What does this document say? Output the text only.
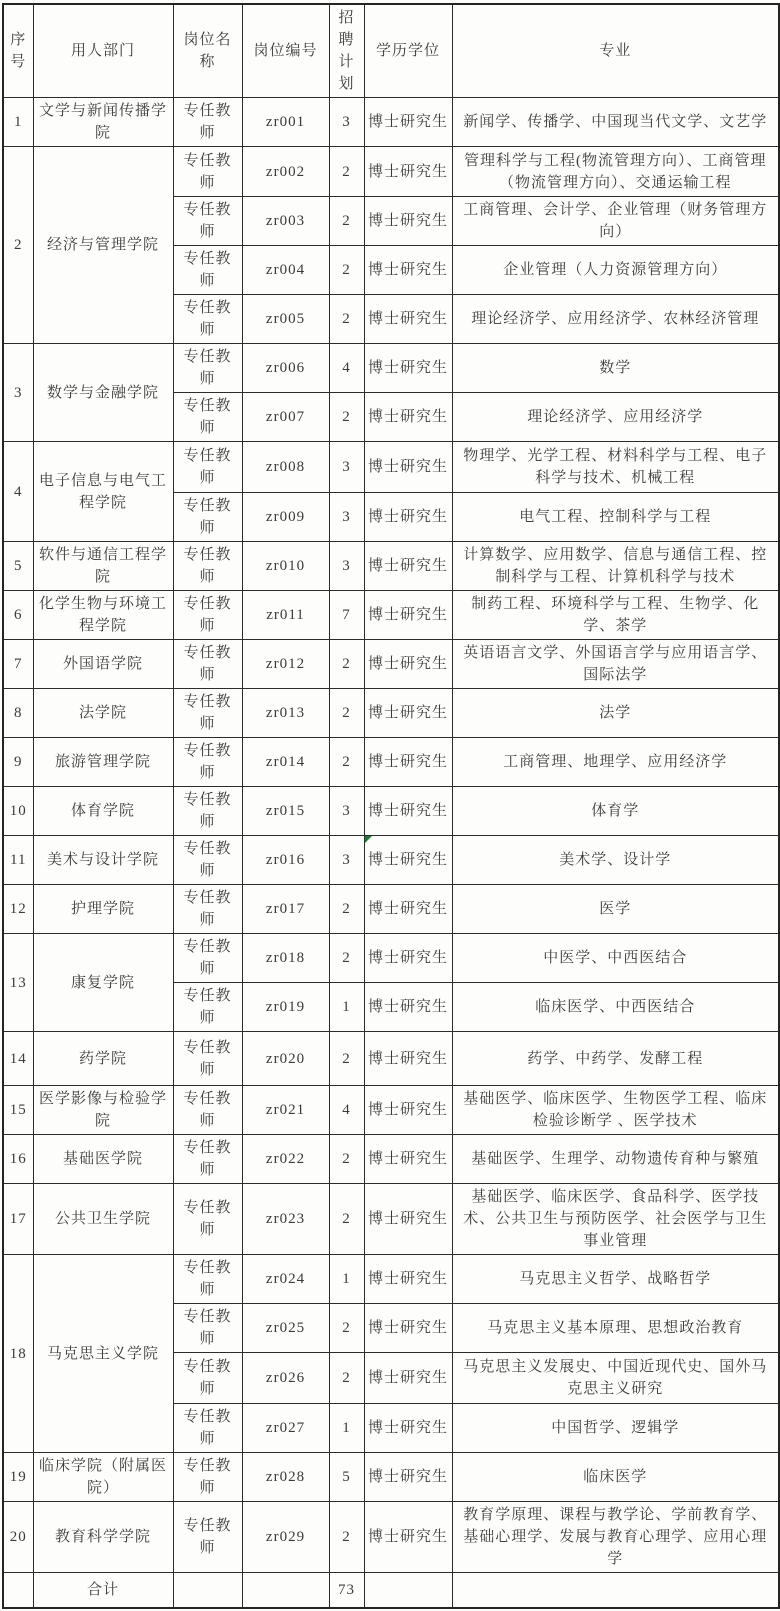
序号	用人部门	岗位名称	岗位编号	招聘计划	学历学位	专业
1	文学与新闻传播学院	专任教师	zr001	3	博士研究生	新闻学、传播学、中国现当代文学、文艺学
2	经济与管理学院	专任教师	zr002	2	博士研究生	管理科学与工程(物流管理方向）、工商管理（物流管理方向）、交通运输工程
		专任教师	zr003	2	博士研究生	工商管理、会计学、企业管理（财务管理方向）
		专任教师	zr004	2	博士研究生	企业管理（人力资源管理方向）
		专任教师	zr005	2	博士研究生	理论经济学、应用经济学、农林经济管理
3	数学与金融学院	专任教师	zr006	4	博士研究生	数学
		专任教师	zr007	2	博士研究生	理论经济学、应用经济学
4	电子信息与电气工程学院	专任教师	zr008	3	博士研究生	物理学、光学工程、材料科学与工程、电子科学与技术、机械工程
		专任教师	zr009	3	博士研究生	电气工程、控制科学与工程
5	软件与通信工程学院	专任教师	zr010	3	博士研究生	计算数学、应用数学、信息与通信工程、控制科学与工程、计算机科学与技术
6	化学生物与环境工程学院	专任教师	zr011	7	博士研究生	制药工程、环境科学与工程、生物学、化学、茶学
7	外国语学院	专任教师	zr012	2	博士研究生	英语语言文学、外国语言学与应用语言学、国际法学
8	法学院	专任教师	zr013	2	博士研究生	法学
9	旅游管理学院	专任教师	zr014	2	博士研究生	工商管理、地理学、应用经济学
10	体育学院	专任教师	zr015	3	博士研究生	体育学
11	美术与设计学院	专任教师	zr016	3	博士研究生	美术学、设计学
12	护理学院	专任教师	zr017	2	博士研究生	医学
13	康复学院	专任教师	zr018	2	博士研究生	中医学、中西医结合
		专任教师	zr019	1	博士研究生	临床医学、中西医结合
14	药学院	专任教师	zr020	2	博士研究生	药学、中药学、发酵工程
15	医学影像与检验学院	专任教师	zr021	4	博士研究生	基础医学、临床医学、生物医学工程、临床检验诊断学 、医学技术
16	基础医学院	专任教师	zr022	2	博士研究生	基础医学、生理学、动物遗传育种与繁殖
17	公共卫生学院	专任教师	zr023	2	博士研究生	基础医学、临床医学、食品科学、医学技术、公共卫生与预防医学、社会医学与卫生事业管理
18	马克思主义学院	专任教师	zr024	1	博士研究生	马克思主义哲学、战略哲学
		专任教师	zr025	2	博士研究生	马克思主义基本原理、思想政治教育
		专任教师	zr026	2	博士研究生	马克思主义发展史、中国近现代史、国外马克思主义研究
		专任教师	zr027	1	博士研究生	中国哲学、逻辑学
19	临床学院（附属医院）	专任教师	zr028	5	博士研究生	临床医学
20	教育科学学院	专任教师	zr029	2	博士研究生	教育学原理、课程与教学论、学前教育学、基础心理学、发展与教育心理学、应用心理学
	合计			73		
